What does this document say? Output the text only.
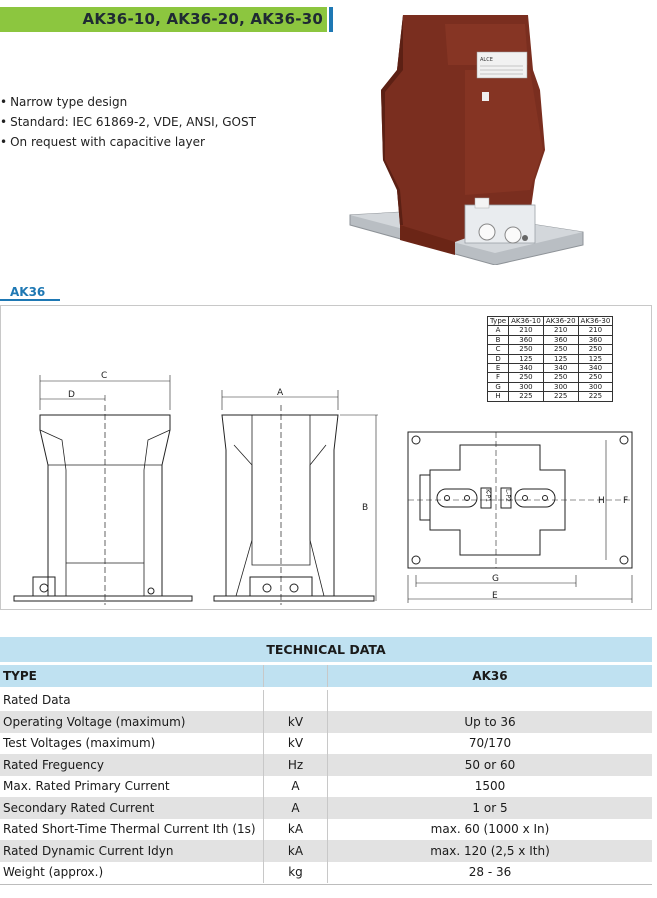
AK36-10, AK36-20, AK36-30
• Narrow type design
• Standard: IEC 61869-2, VDE, ANSI, GOST
• On request with capacitive layer
ALCE
AK36
C
D	A
B
G
E
H F
K-P1 L-P2
Type	AK36-10	AK36-20	AK36-30
A	210	210	210
B	360	360	360
C	250	250	250
D	125	125	125
E	340	340	340
F	250	250	250
G	300	300	300
H	225	225	225
TECHNICAL DATA		

TYPE		AK36

Rated Data		
Operating Voltage (maximum)	kV	Up to 36
Test Voltages (maximum)	kV	70/170
Rated Freguency	Hz	50 or 60
Max. Rated Primary Current	A	1500
Secondary Rated Current	A	1 or 5
Rated Short-Time Thermal Current Ith (1s)	kA	max. 60 (1000 x In)
Rated Dynamic Current Idyn	kA	max. 120 (2,5 x Ith)
Weight (approx.)	kg	28 - 36
